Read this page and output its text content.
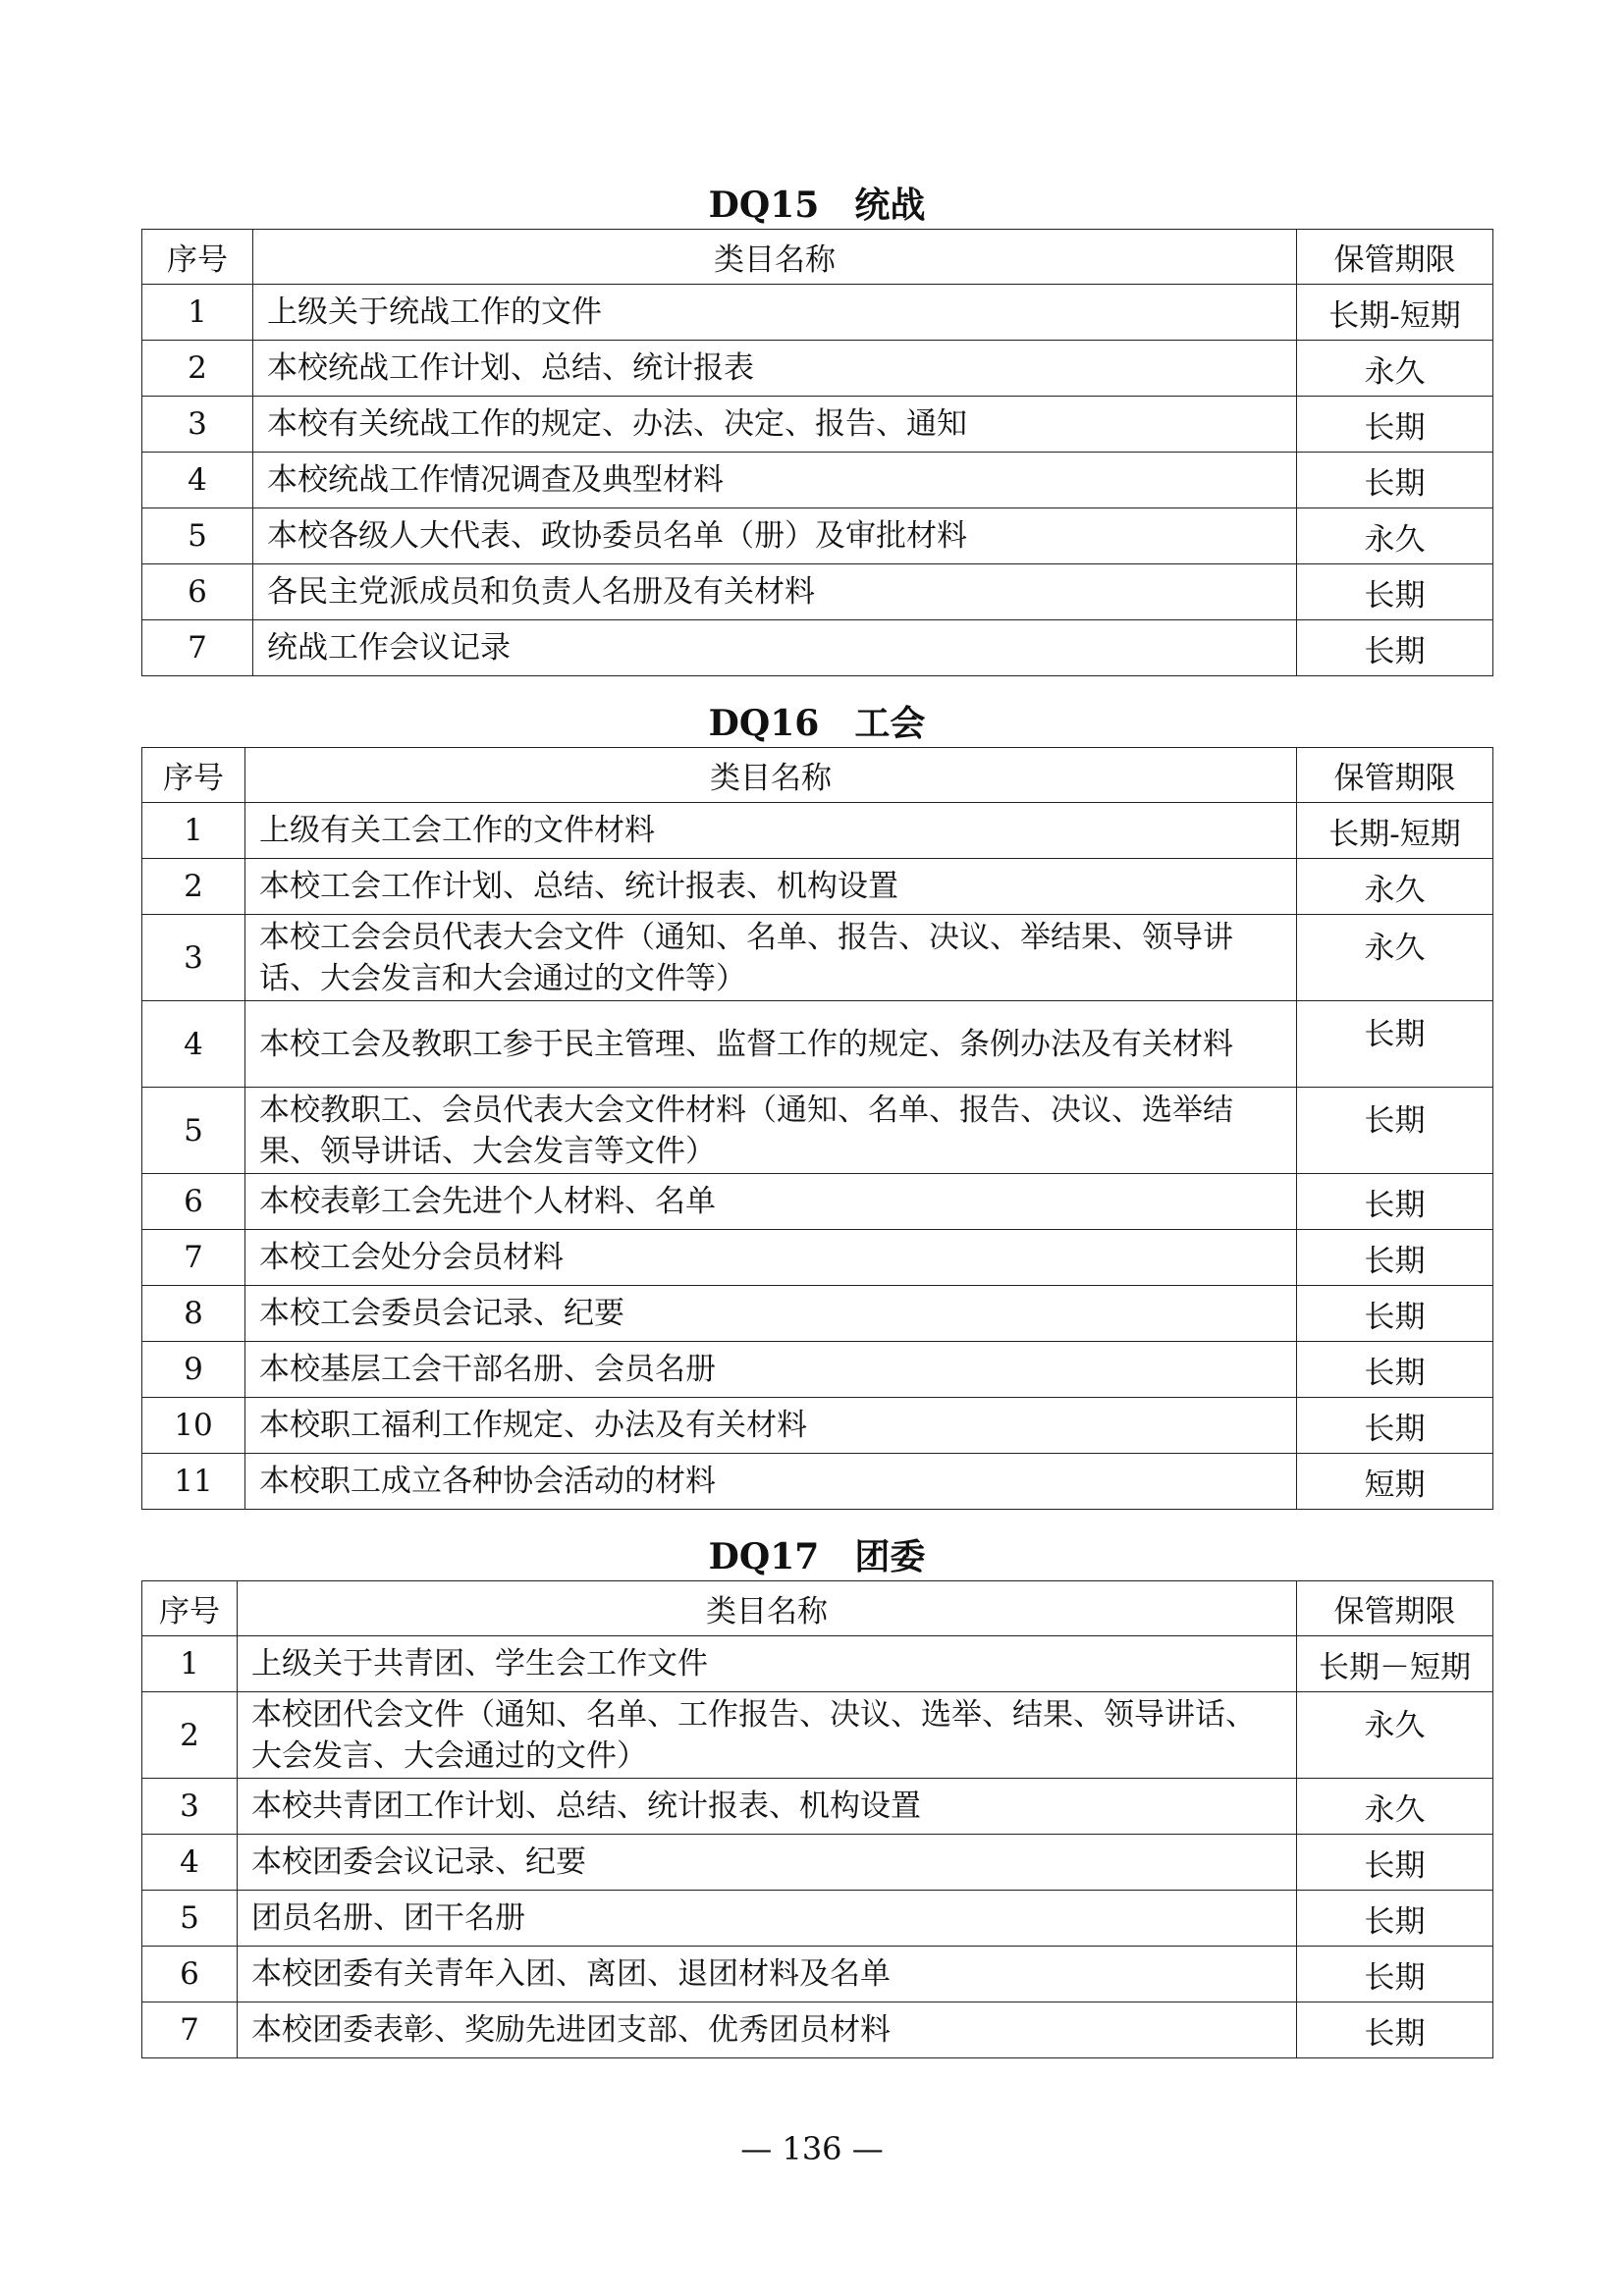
DQ15　统战
序号	类目名称	保管期限
1	上级关于统战工作的文件	长期-短期
2	本校统战工作计划、总结、统计报表	永久
3	本校有关统战工作的规定、办法、决定、报告、通知	长期
4	本校统战工作情况调查及典型材料	长期
5	本校各级人大代表、政协委员名单（册）及审批材料	永久
6	各民主党派成员和负责人名册及有关材料	长期
7	统战工作会议记录	长期
DQ16　工会
序号	类目名称	保管期限
1	上级有关工会工作的文件材料	长期-短期
2	本校工会工作计划、总结、统计报表、机构设置	永久
3	本校工会会员代表大会文件（通知、名单、报告、决议、举结果、领导讲话、大会发言和大会通过的文件等）	永久
4	本校工会及教职工参于民主管理、监督工作的规定、条例办法及有关材料	长期
5	本校教职工、会员代表大会文件材料（通知、名单、报告、决议、选举结果、领导讲话、大会发言等文件）	长期
6	本校表彰工会先进个人材料、名单	长期
7	本校工会处分会员材料	长期
8	本校工会委员会记录、纪要	长期
9	本校基层工会干部名册、会员名册	长期
10	本校职工福利工作规定、办法及有关材料	长期
11	本校职工成立各种协会活动的材料	短期
DQ17　团委
序号	类目名称	保管期限
1	上级关于共青团、学生会工作文件	长期－短期
2	本校团代会文件（通知、名单、工作报告、决议、选举、结果、领导讲话、大会发言、大会通过的文件）	永久
3	本校共青团工作计划、总结、统计报表、机构设置	永久
4	本校团委会议记录、纪要	长期
5	团员名册、团干名册	长期
6	本校团委有关青年入团、离团、退团材料及名单	长期
7	本校团委表彰、奖励先进团支部、优秀团员材料	长期
— 136 —
